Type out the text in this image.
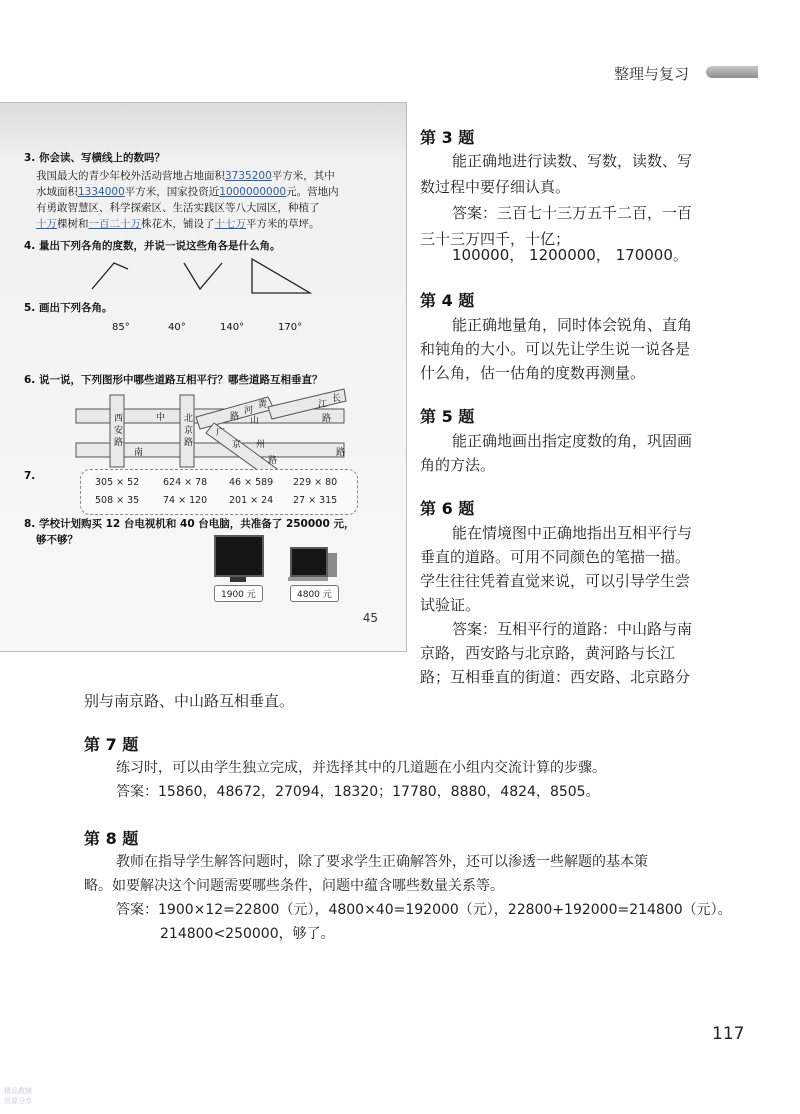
整理与复习
3. 你会读、写横线上的数吗？
我国最大的青少年校外活动营地占地面积3735200平方米，其中
水域面积1334000平方米，国家投资近1000000000元。营地内
有勇敢智慧区、科学探索区、生活实践区等八大园区，种植了
十万棵树和一百二十万株花木，铺设了十七万平方米的草坪。
4. 量出下列各角的度数，并说一说这些角各是什么角。
5. 画出下列各角。
85°	40°	140°	170°
6. 说一说，下列图形中哪些道路互相平行？哪些道路互相垂直？
西
安
路
中 北
京
路
南
黄
河
路 山
长
江
路
广
京 州
路
路
7.
305 × 52	624 × 78 46 × 589 229 × 80
508 × 35	74 × 120 201 × 24 27 × 315
8. 学校计划购买 12 台电视机和 40 台电脑，共准备了 250000 元，
够不够？
1900 元	4800 元
45
第 3 题
能正确地进行读数、写数，读数、写
数过程中要仔细认真。
答案：三百七十三万五千二百，一百
三十三万四千，十亿；
100000， 1200000， 170000。
第 4 题
能正确地量角，同时体会锐角、直角
和钝角的大小。可以先让学生说一说各是
什么角，估一估角的度数再测量。
第 5 题
能正确地画出指定度数的角，巩固画
角的方法。
第 6 题
能在情境图中正确地指出互相平行与
垂直的道路。可用不同颜色的笔描一描。
学生往往凭着直觉来说，可以引导学生尝
试验证。
答案：互相平行的道路：中山路与南
京路，西安路与北京路，黄河路与长江
路；互相垂直的街道：西安路、北京路分
别与南京路、中山路互相垂直。
第 7 题
练习时，可以由学生独立完成，并选择其中的几道题在小组内交流计算的步骤。
答案：15860，48672，27094，18320；17780，8880，4824，8505。
第 8 题
教师在指导学生解答问题时，除了要求学生正确解答外，还可以渗透一些解题的基本策
略。如要解决这个问题需要哪些条件，问题中蕴含哪些数量关系等。
答案：1900×12=22800（元），4800×40=192000（元），22800+192000=214800（元）。
214800<250000，够了。
117
精品教辅
资源分享
